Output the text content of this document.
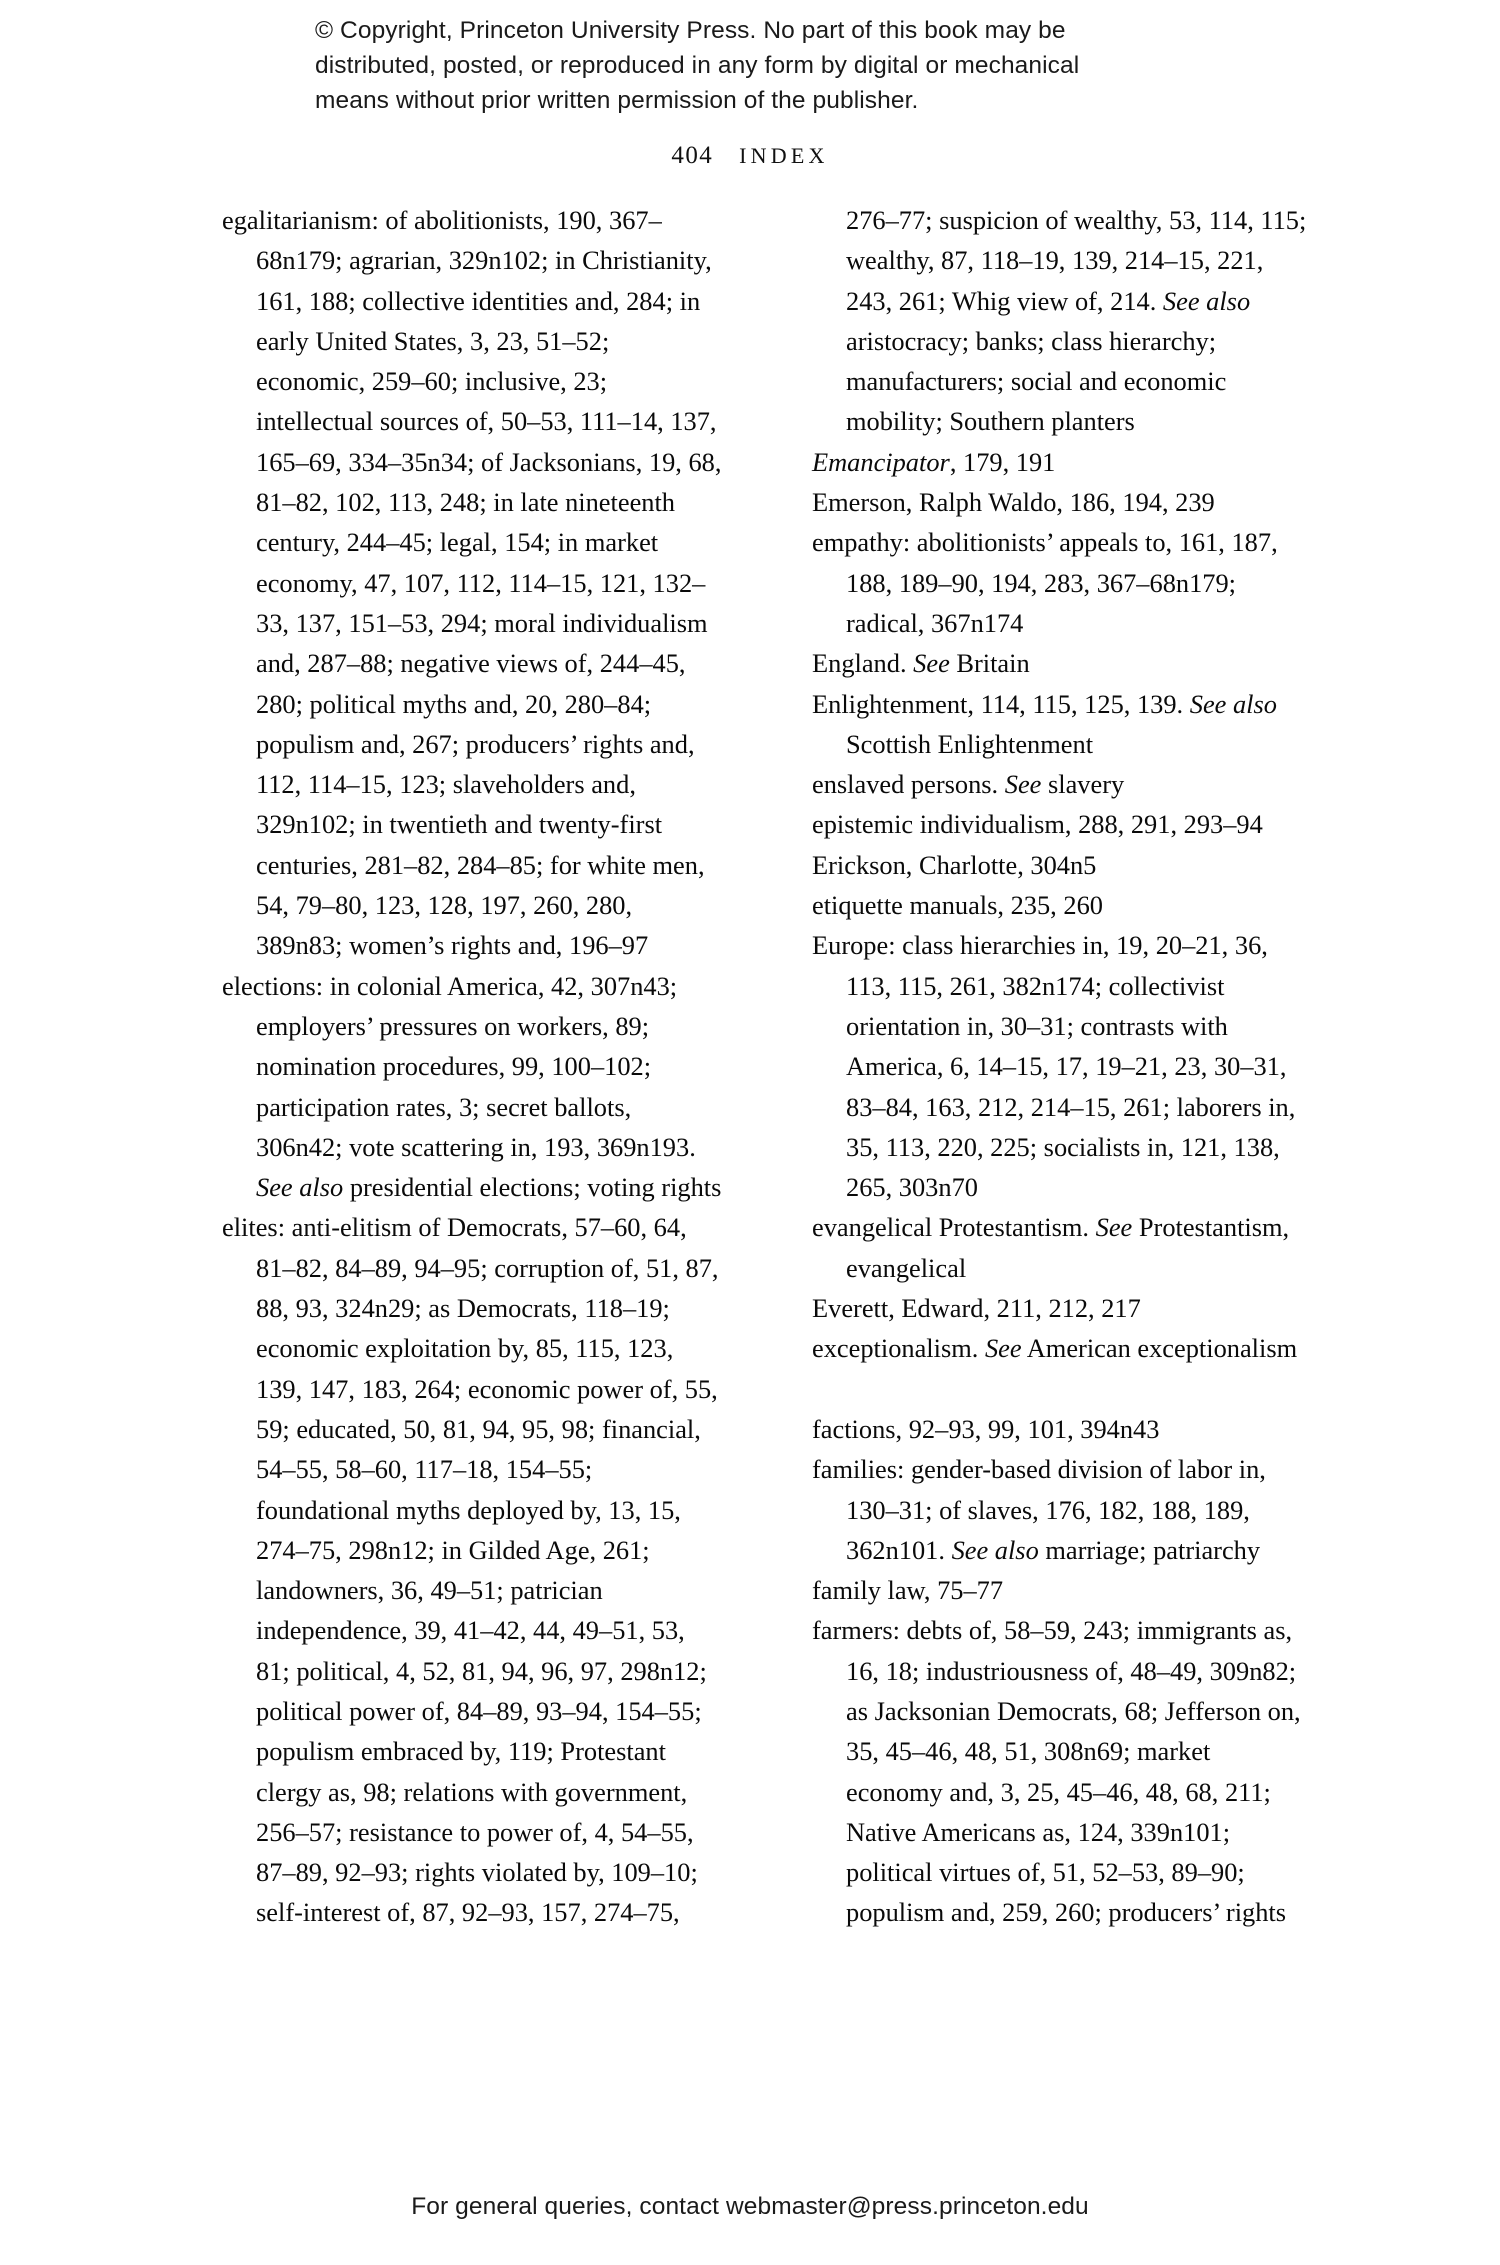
© Copyright, Princeton University Press. No part of this book may be
distributed, posted, or reproduced in any form by digital or mechanical
means without prior written permission of the publisher.
404 INDEX

egalitarianism: of abolitionists, 190, 367–68n179; agrarian, 329n102; in Christianity, 161, 188; collective identities and, 284; in early United States, 3, 23, 51–52; economic, 259–60; inclusive, 23; intellectual sources of, 50–53, 111–14, 137, 165–69, 334–35n34; of Jacksonians, 19, 68, 81–82, 102, 113, 248; in late nineteenth century, 244–45; legal, 154; in market economy, 47, 107, 112, 114–15, 121, 132–33, 137, 151–53, 294; moral individualism and, 287–88; negative views of, 244–45, 280; political myths and, 20, 280–84; populism and, 267; producers’ rights and, 112, 114–15, 123; slaveholders and, 329n102; in twentieth and twenty-first centuries, 281–82, 284–85; for white men, 54, 79–80, 123, 128, 197, 260, 280, 389n83; women’s rights and, 196–97

elections: in colonial America, 42, 307n43; employers’ pressures on workers, 89; nomination procedures, 99, 100–102; participation rates, 3; secret ballots, 306n42; vote scattering in, 193, 369n193. See also presidential elections; voting rights

elites: anti-elitism of Democrats, 57–60, 64, 81–82, 84–89, 94–95; corruption of, 51, 87, 88, 93, 324n29; as Democrats, 118–19; economic exploitation by, 85, 115, 123, 139, 147, 183, 264; economic power of, 55, 59; educated, 50, 81, 94, 95, 98; financial, 54–55, 58–60, 117–18, 154–55; foundational myths deployed by, 13, 15, 274–75, 298n12; in Gilded Age, 261; landowners, 36, 49–51; patrician independence, 39, 41–42, 44, 49–51, 53, 81; political, 4, 52, 81, 94, 96, 97, 298n12; political power of, 84–89, 93–94, 154–55; populism embraced by, 119; Protestant clergy as, 98; relations with government, 256–57; resistance to power of, 4, 54–55, 87–89, 92–93; rights violated by, 109–10; self-interest of, 87, 92–93, 157, 274–75,

276–77; suspicion of wealthy, 53, 114, 115; wealthy, 87, 118–19, 139, 214–15, 221, 243, 261; Whig view of, 214. See also aristocracy; banks; class hierarchy; manufacturers; social and economic mobility; Southern planters

Emancipator, 179, 191

Emerson, Ralph Waldo, 186, 194, 239

empathy: abolitionists’ appeals to, 161, 187, 188, 189–90, 194, 283, 367–68n179; radical, 367n174

England. See Britain

Enlightenment, 114, 115, 125, 139. See also Scottish Enlightenment

enslaved persons. See slavery

epistemic individualism, 288, 291, 293–94

Erickson, Charlotte, 304n5

etiquette manuals, 235, 260

Europe: class hierarchies in, 19, 20–21, 36, 113, 115, 261, 382n174; collectivist orientation in, 30–31; contrasts with America, 6, 14–15, 17, 19–21, 23, 30–31, 83–84, 163, 212, 214–15, 261; laborers in, 35, 113, 220, 225; socialists in, 121, 138, 265, 303n70

evangelical Protestantism. See Protestantism, evangelical

Everett, Edward, 211, 212, 217

exceptionalism. See American exceptionalism

factions, 92–93, 99, 101, 394n43

families: gender-based division of labor in, 130–31; of slaves, 176, 182, 188, 189, 362n101. See also marriage; patriarchy

family law, 75–77

farmers: debts of, 58–59, 243; immigrants as, 16, 18; industriousness of, 48–49, 309n82; as Jacksonian Democrats, 68; Jefferson on, 35, 45–46, 48, 51, 308n69; market economy and, 3, 25, 45–46, 48, 68, 211; Native Americans as, 124, 339n101; political virtues of, 51, 52–53, 89–90; populism and, 259, 260; producers’ rights

For general queries, contact webmaster@press.princeton.edu
